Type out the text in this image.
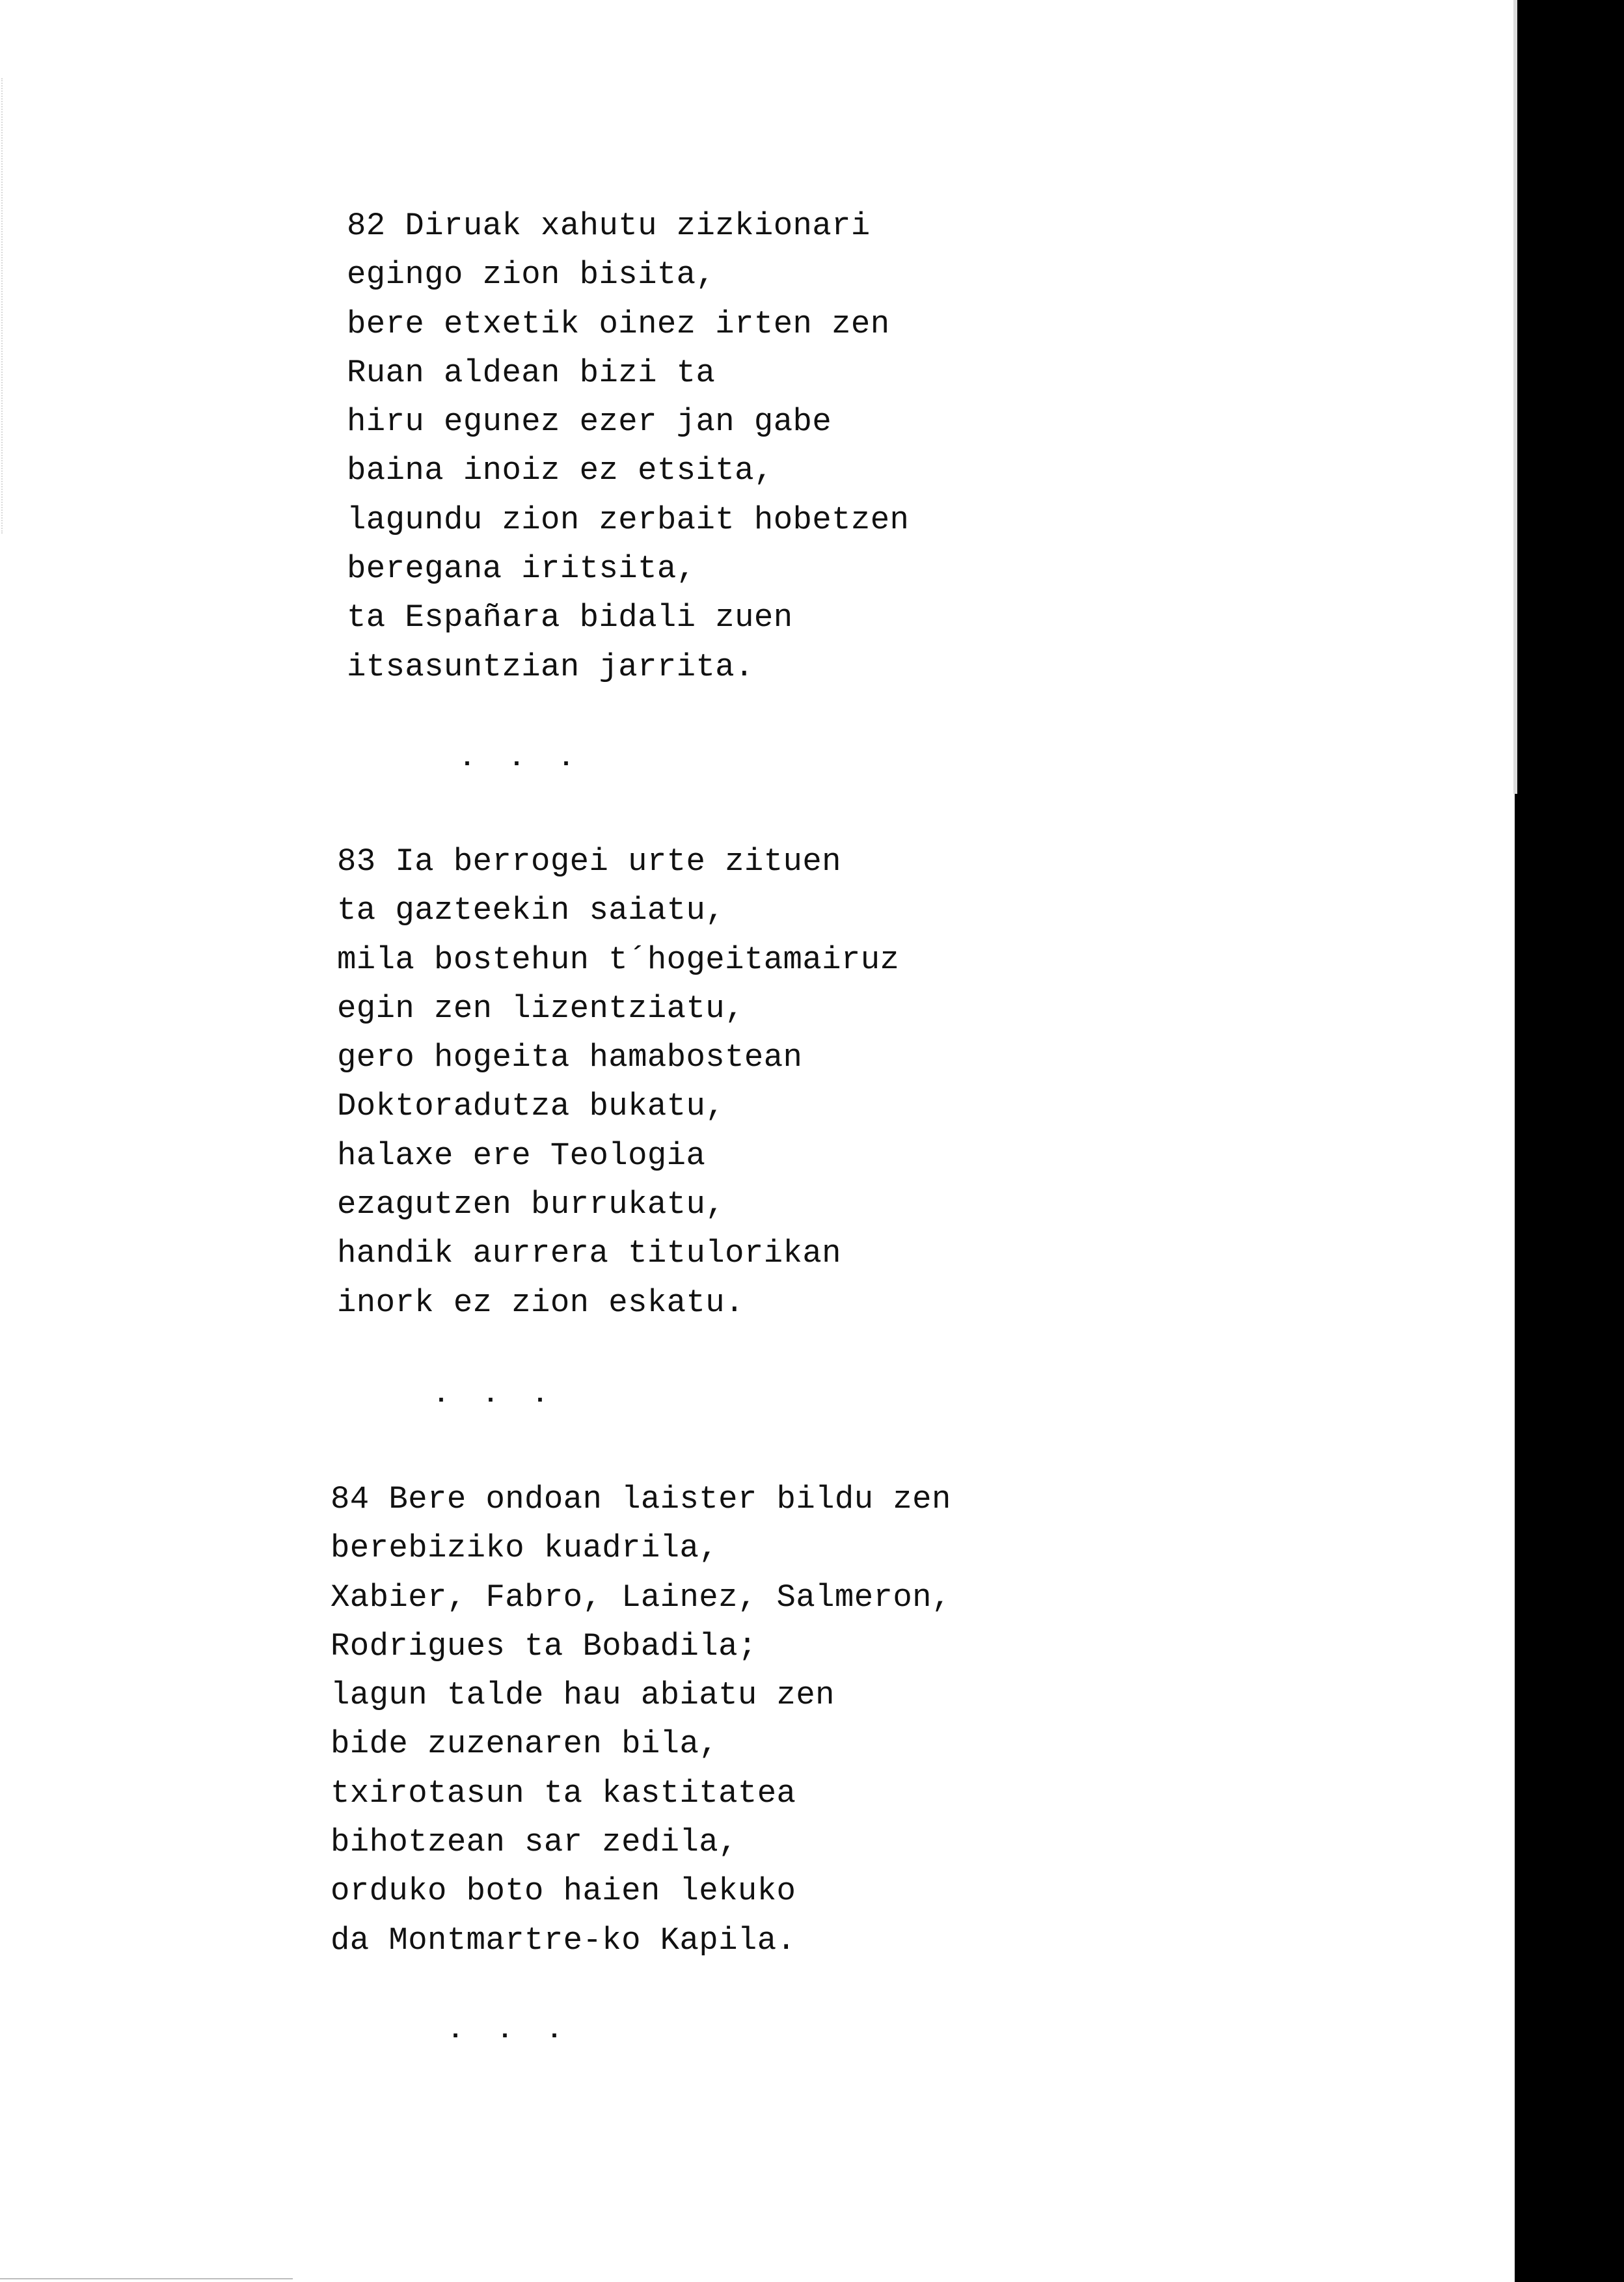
82 Diruak xahutu zizkionari
egingo zion bisita,
bere etxetik oinez irten zen
Ruan aldean bizi ta
hiru egunez ezer jan gabe
baina inoiz ez etsita,
lagundu zion zerbait hobetzen
beregana iritsita,
ta Españara bidali zuen
itsasuntzian jarrita.
. . .
83 Ia berrogei urte zituen
ta gazteekin saiatu,
mila bostehun t´hogeitamairuz
egin zen lizentziatu,
gero hogeita hamabostean
Doktoradutza bukatu,
halaxe ere Teologia
ezagutzen burrukatu,
handik aurrera titulorikan
inork ez zion eskatu.
. . .
84 Bere ondoan laister bildu zen
berebiziko kuadrila,
Xabier, Fabro, Lainez, Salmeron,
Rodrigues ta Bobadila;
lagun talde hau abiatu zen
bide zuzenaren bila,
txirotasun ta kastitatea
bihotzean sar zedila,
orduko boto haien lekuko
da Montmartre-ko Kapila.
. . .
